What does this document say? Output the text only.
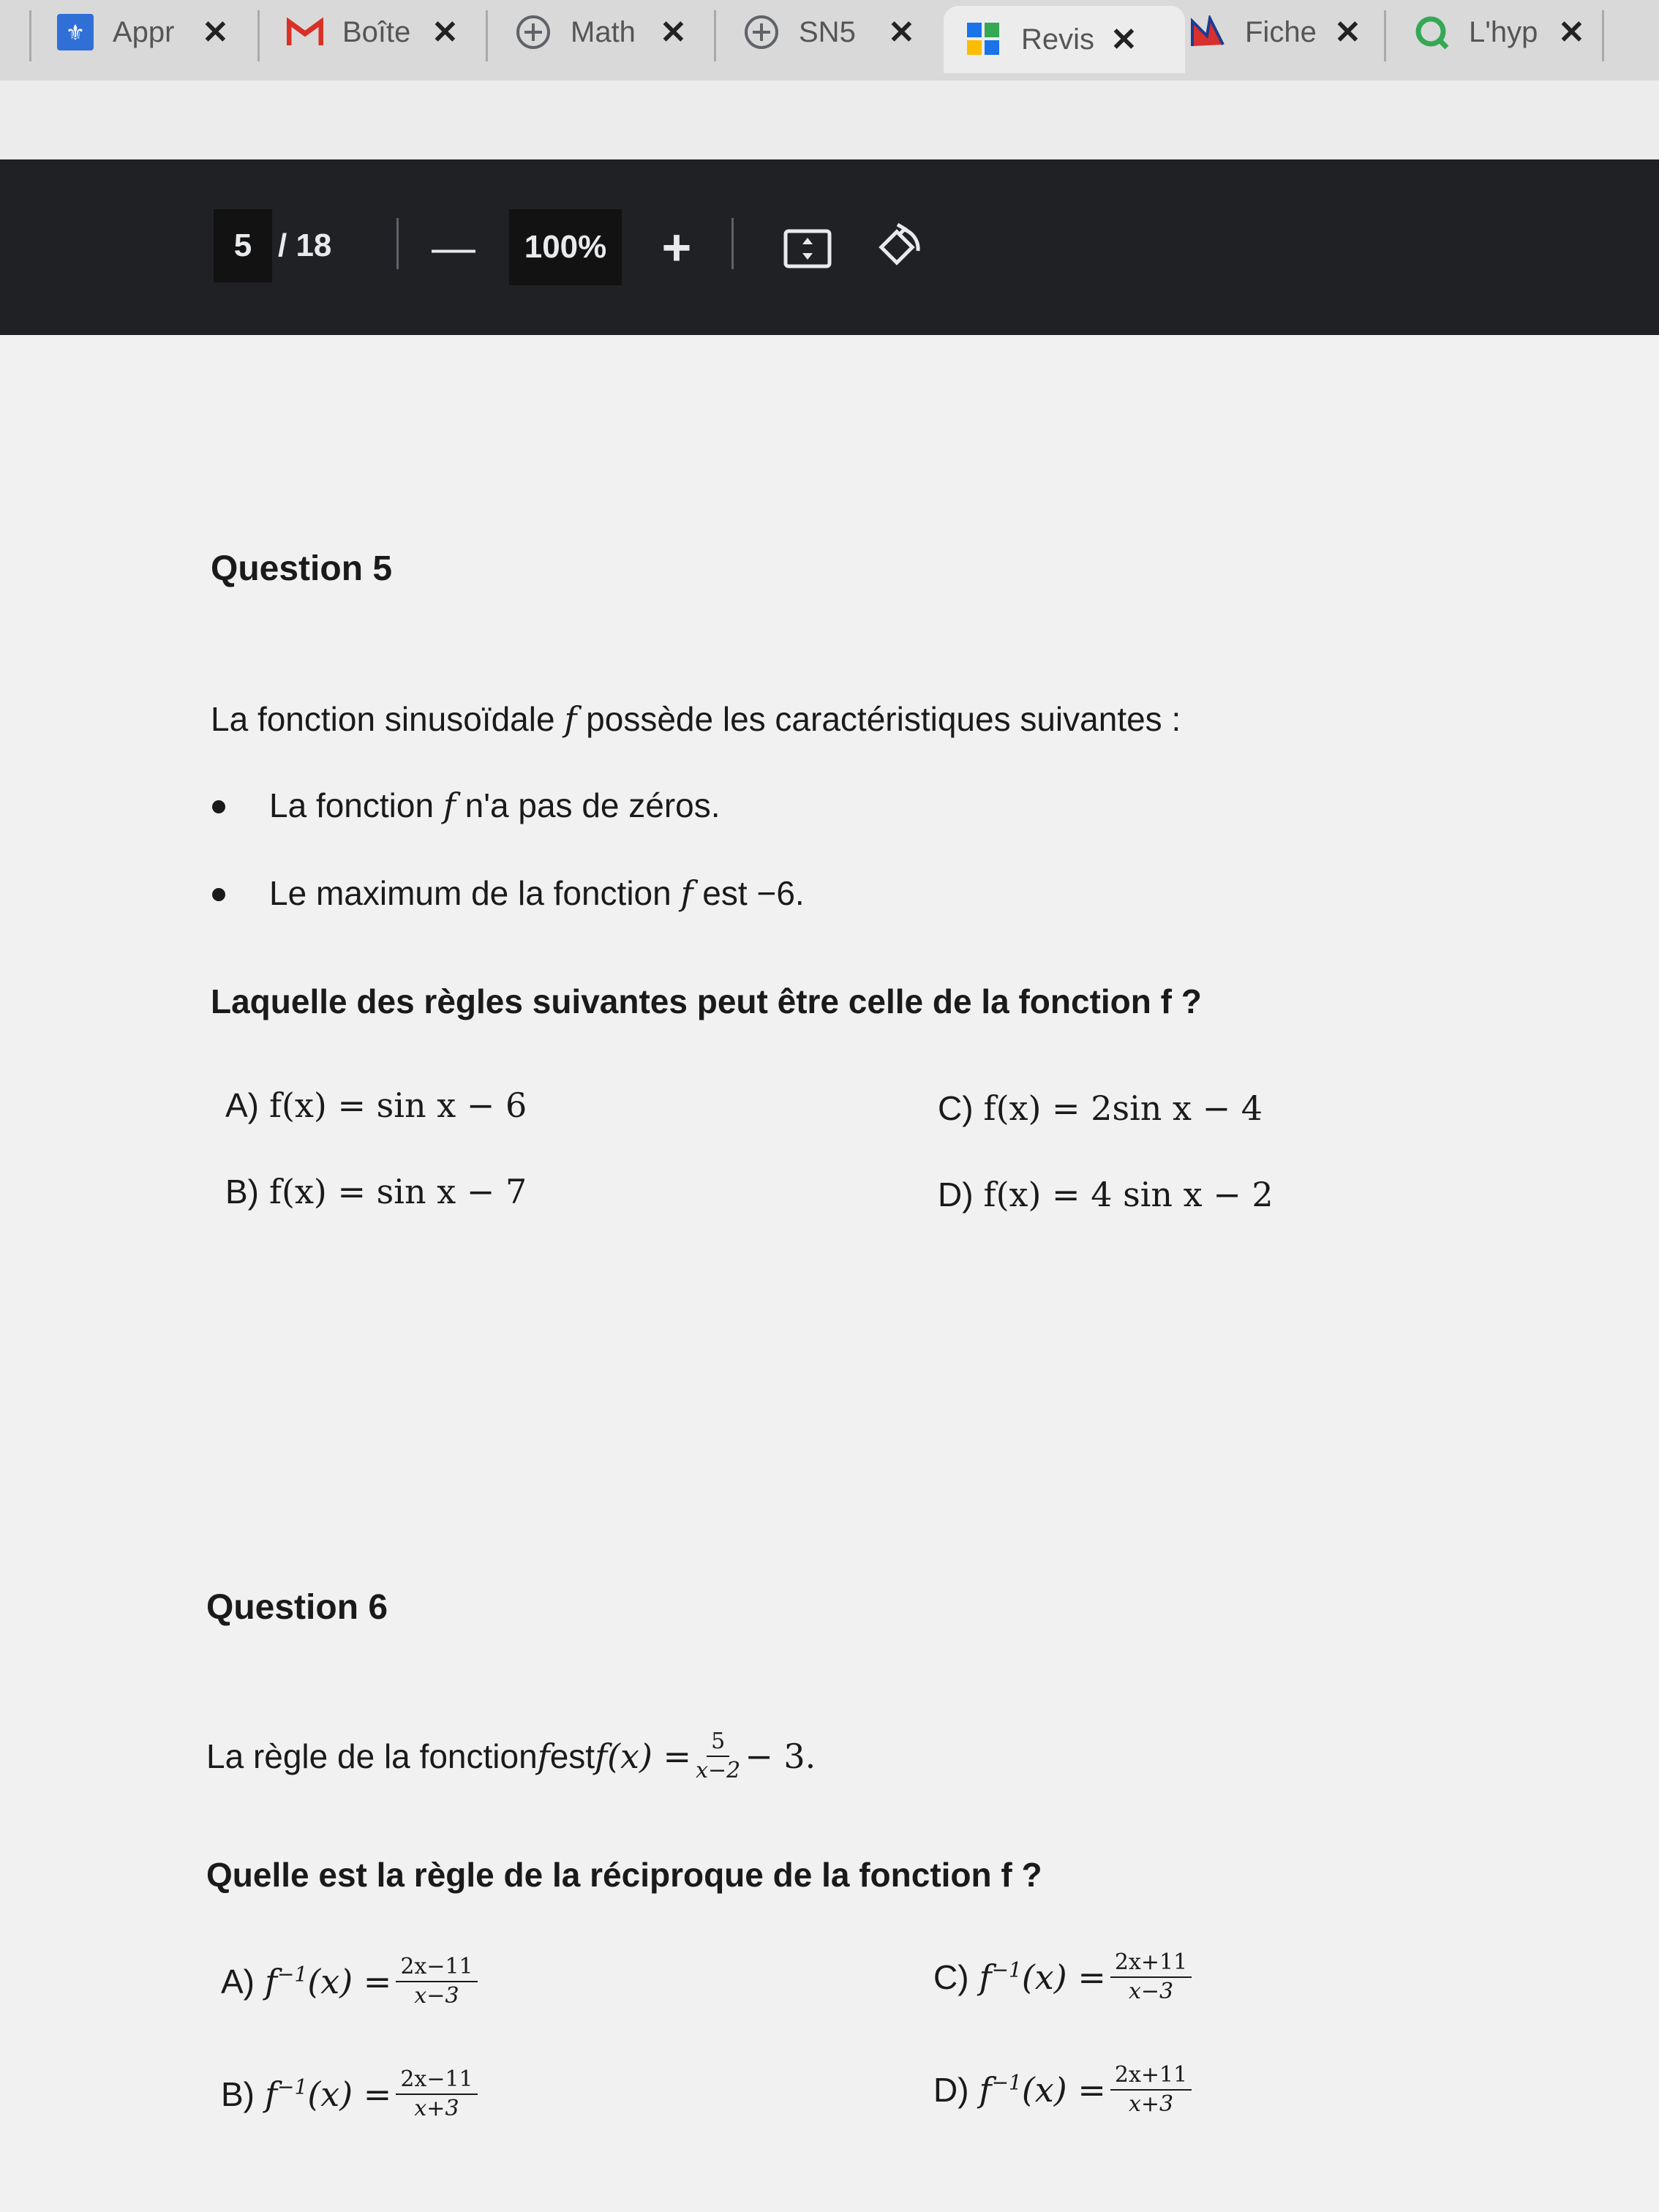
⚜ Appr ✕	Boîte ✕	Math ✕	SN5	✕	Revis ✕	Fiche ✕	L'hyp ✕
5 / 18 —	100% +
Question 5
La fonction sinusoïdale f possède les caractéristiques suivantes :
La fonction f n'a pas de zéros.
Le maximum de la fonction f est −6.
Laquelle des règles suivantes peut être celle de la fonction f ?
A) f(x) = sin x − 6
B) f(x) = sin x − 7
C) f(x) = 2sin x − 4
D) f(x) = 4 sin x − 2
Question 6
La règle de la fonction f est $f(x) = \frac{5}{x-2} - 3$.
Quelle est la règle de la réciproque de la fonction f ?
A) $f^{-1}(x) = \frac{2x-11}{x-3}$
B) $f^{-1}(x) = \frac{2x-11}{x+3}$
C) $f^{-1}(x) = \frac{2x+11}{x-3}$
D) $f^{-1}(x) = \frac{2x+11}{x+3}$
